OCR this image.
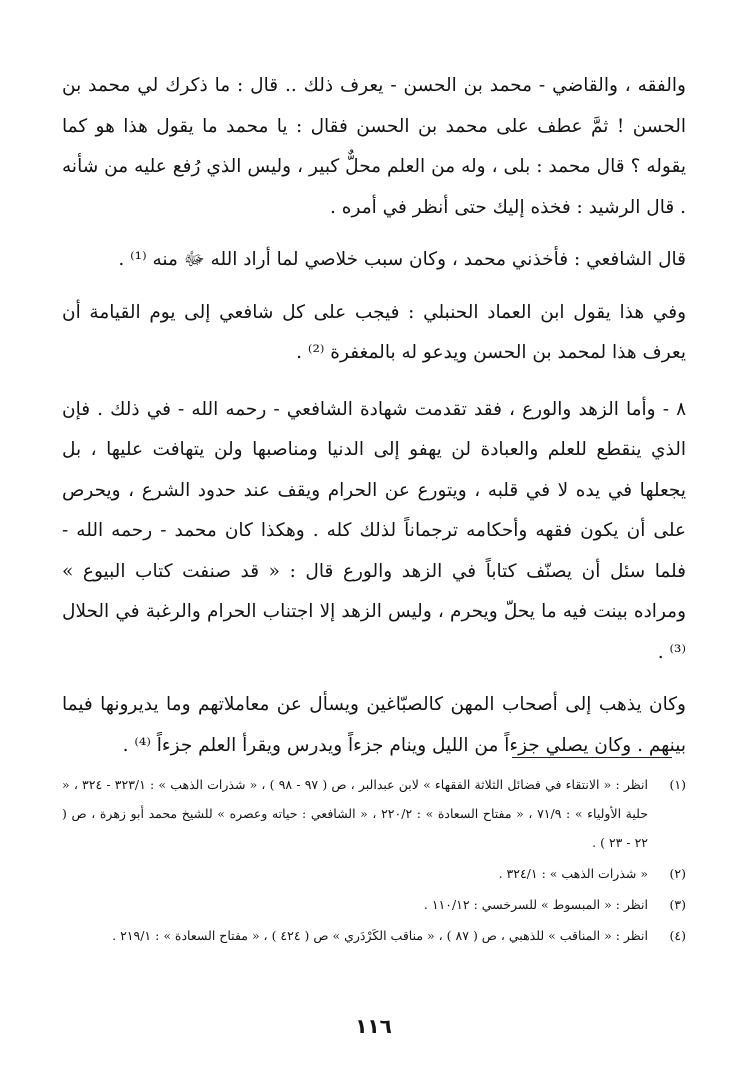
والفقه ، والقاضي - محمد بن الحسن - يعرف ذلك .. قال : ما ذكرك لي محمد بن الحسن ! ثمَّ عطف على محمد بن الحسن فقال : يا محمد ما يقول هذا هو كما يقوله ؟ قال محمد : بلى ، وله من العلم محلٌّ كبير ، وليس الذي رُفع عليه من شأنه . قال الرشيد : فخذه إليك حتى أنظر في أمره .

قال الشافعي : فأخذني محمد ، وكان سبب خلاصي لما أراد الله ﷻ منه ⁽¹⁾ .

وفي هذا يقول ابن العماد الحنبلي : فيجب على كل شافعي إلى يوم القيامة أن يعرف هذا لمحمد بن الحسن ويدعو له بالمغفرة ⁽²⁾ .

٨ - وأما الزهد والورع ، فقد تقدمت شهادة الشافعي - رحمه الله - في ذلك . فإن الذي ينقطع للعلم والعبادة لن يهفو إلى الدنيا ومناصبها ولن يتهافت عليها ، بل يجعلها في يده لا في قلبه ، ويتورع عن الحرام ويقف عند حدود الشرع ، ويحرص على أن يكون فقهه وأحكامه ترجماناً لذلك كله . وهكذا كان محمد - رحمه الله - فلما سئل أن يصنّف كتاباً في الزهد والورع قال : « قد صنفت كتاب البيوع » ومراده بينت فيه ما يحلّ ويحرم ، وليس الزهد إلا اجتناب الحرام والرغبة في الحلال ⁽³⁾ .

وكان يذهب إلى أصحاب المهن كالصبّاغين ويسأل عن معاملاتهم وما يديرونها فيما بينهم . وكان يصلي جزءاً من الليل وينام جزءاً ويدرس ويقرأ العلم جزءاً ⁽⁴⁾ .

(١)
انظر : « الانتقاء في فضائل الثلاثة الفقهاء » لابن عبدالبر ، ص ( ٩٧ - ٩٨ ) ، « شذرات الذهب » : ٣٢٣/١ - ٣٢٤ ، « حلية الأولياء » : ٧١/٩ ، « مفتاح السعادة » : ٢٢٠/٢ ، « الشافعي : حياته وعصره » للشيخ محمد أبو زهرة ، ص ( ٢٢ - ٢٣ ) .
(٢)
« شذرات الذهب » : ٣٢٤/١ .
(٣)
انظر : « المبسوط » للسرخسي : ١١٠/١٢ .
(٤)
انظر : « المناقب » للذهبي ، ص ( ٨٧ ) ، « مناقب الكَرْدَري » ص ( ٤٢٤ ) ، « مفتاح السعادة » : ٢١٩/١ .
١١٦
